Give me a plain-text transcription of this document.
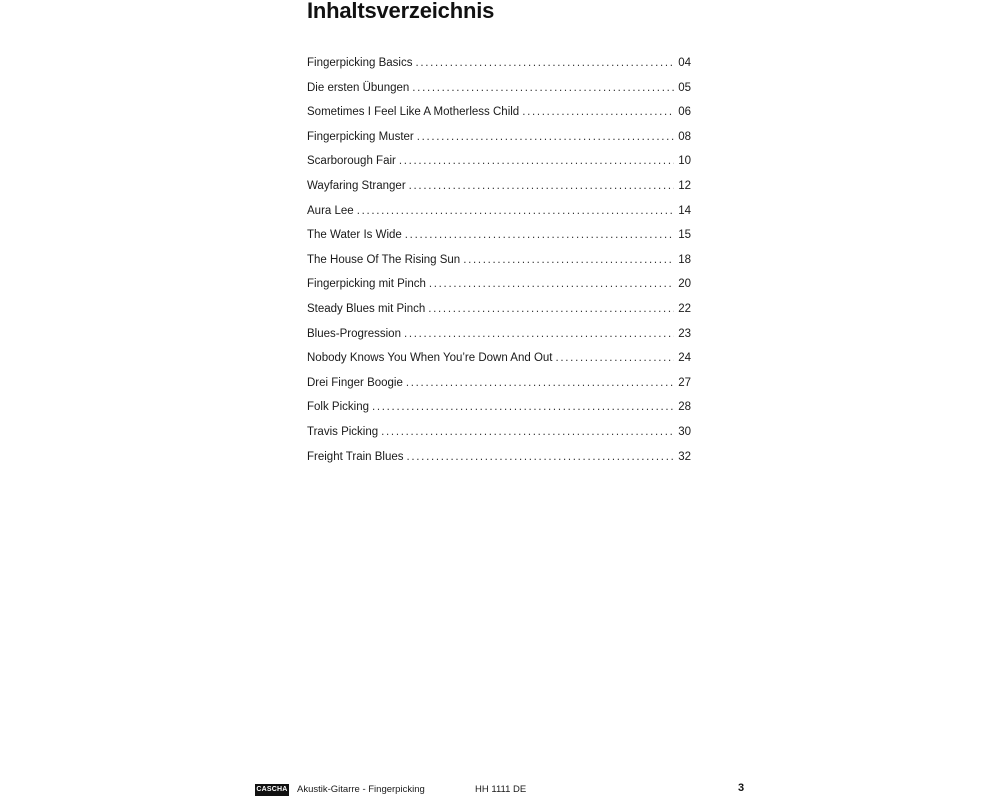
Inhaltsverzeichnis
Fingerpicking Basics . . .	04
Die ersten Übungen . . .	05
Sometimes I Feel Like A Motherless Child . . .	06
Fingerpicking Muster . . .	08
Scarborough Fair . . .	10
Wayfaring Stranger . . .	12
Aura Lee . . .	14
The Water Is Wide . . .	15
The House Of The Rising Sun . . .	18
Fingerpicking mit Pinch . . .	20
Steady Blues mit Pinch . . .	22
Blues-Progression . . .	23
Nobody Knows You When You’re Down And Out . . .	24
Drei Finger Boogie . . .	27
Folk Picking . . .	28
Travis Picking . . .	30
Freight Train Blues . . .	32
CASCHA Akustik-Gitarre - Fingerpicking	HH 1111 DE	3
